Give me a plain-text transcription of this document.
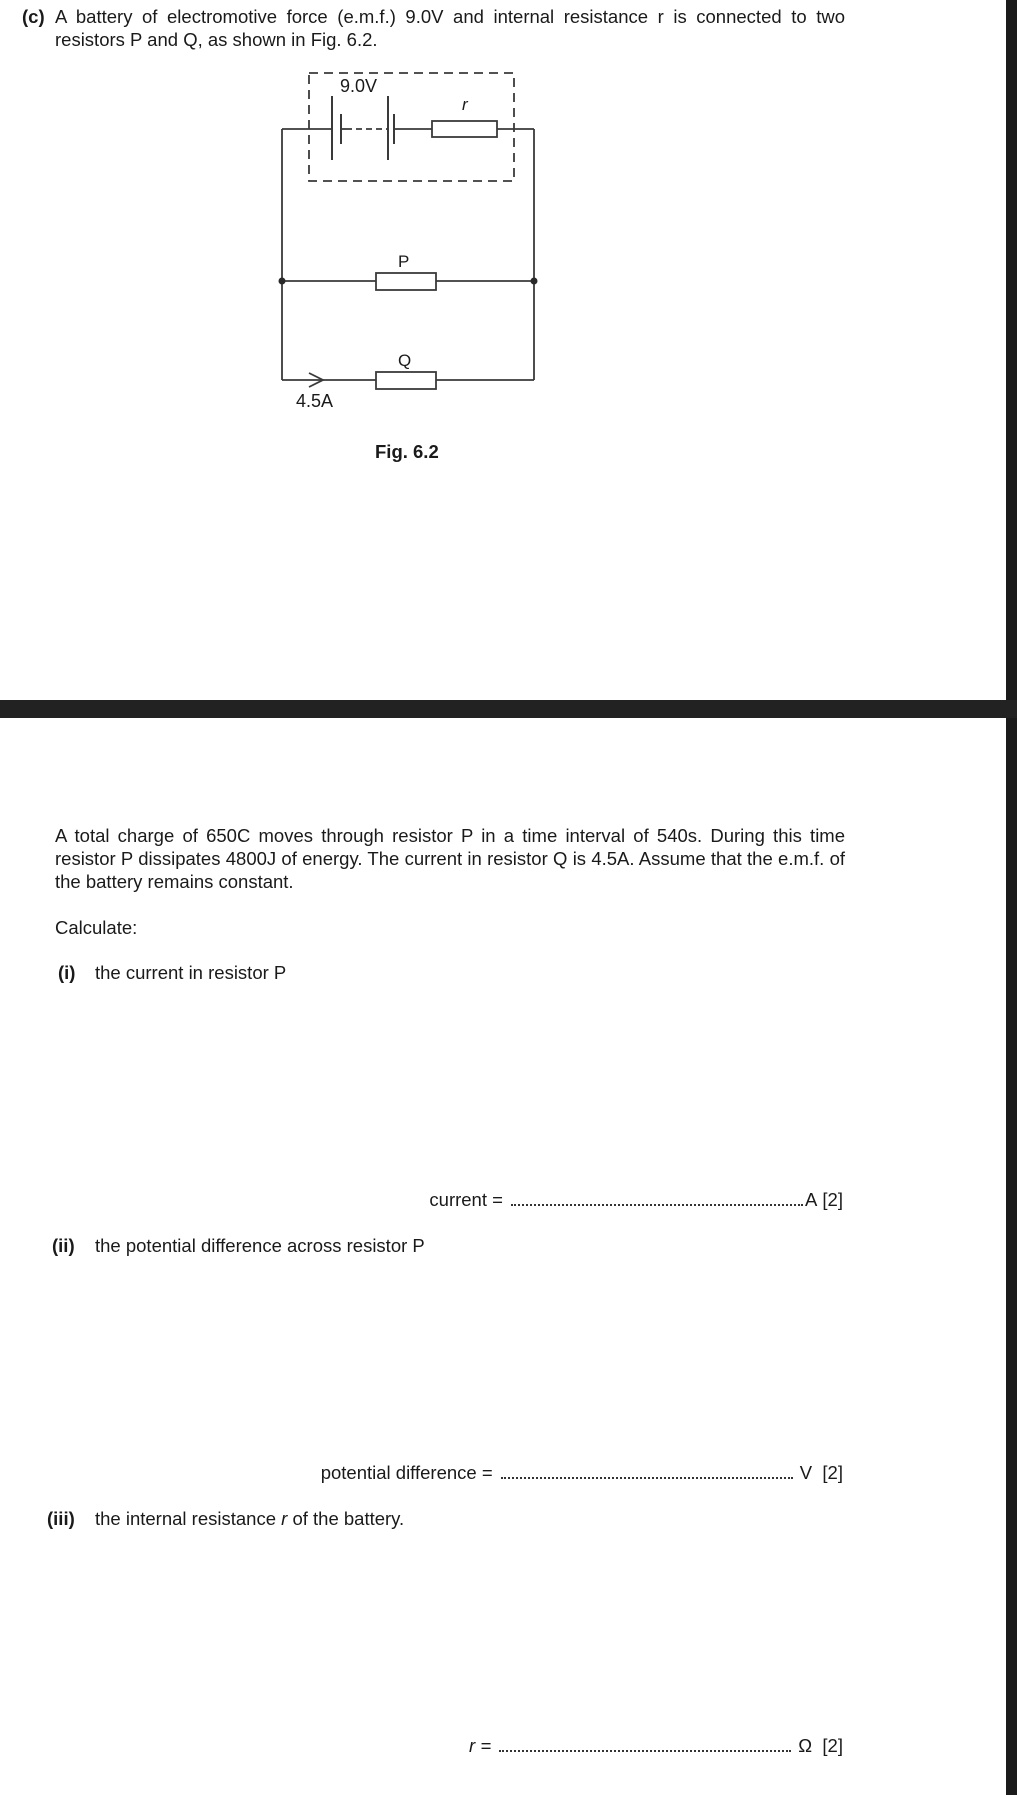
(c) A battery of electromotive force (e.m.f.) 9.0V and internal resistance r is connected to two resistors P and Q, as shown in Fig. 6.2.
9.0V
r
P
Q
4.5A
Fig. 6.2
A total charge of 650C moves through resistor P in a time interval of 540s. During this time resistor P dissipates 4800J of energy. The current in resistor Q is 4.5A. Assume that the e.m.f. of the battery remains constant.
Calculate:
(i) the current in resistor P
current =	A [2]
(ii) the potential difference across resistor P
potential difference =	V [2]
(iii) the internal resistance r of the battery.
r =	Ω [2]
